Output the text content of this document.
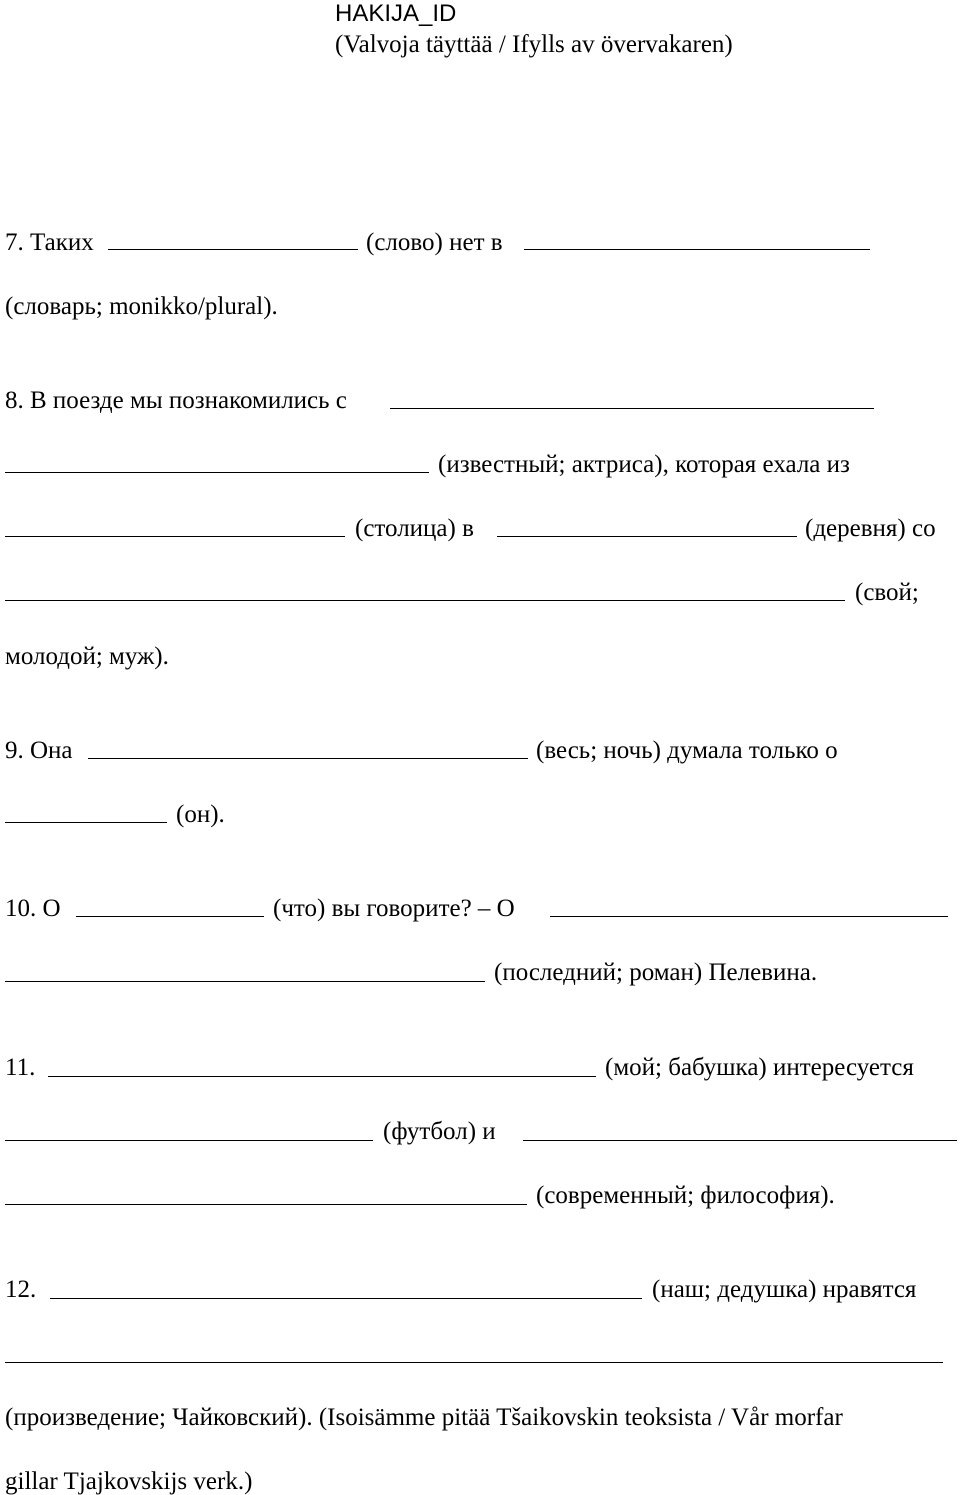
HAKIJA_ID
(Valvoja täyttää / Ifylls av övervakaren)
7. Таких	(слово) нет в
(словарь; monikko/plural).
8. В поезде мы познакомились с
(известный; актриса), которая ехала из
(столица) в	(деревня) со
(свой;
молодой; муж).
9. Она	(весь; ночь) думала только о
(он).
10. О	(что) вы говорите? – О
(последний; роман) Пелевина.
11.	(мой; бабушка) интересуется
(футбол) и
(современный; философия).
12.	(наш; дедушка) нравятся
(произведение; Чайковский). (Isoisämme pitää Tšaikovskin teoksista / Vår morfar
gillar Tjajkovskijs verk.)
